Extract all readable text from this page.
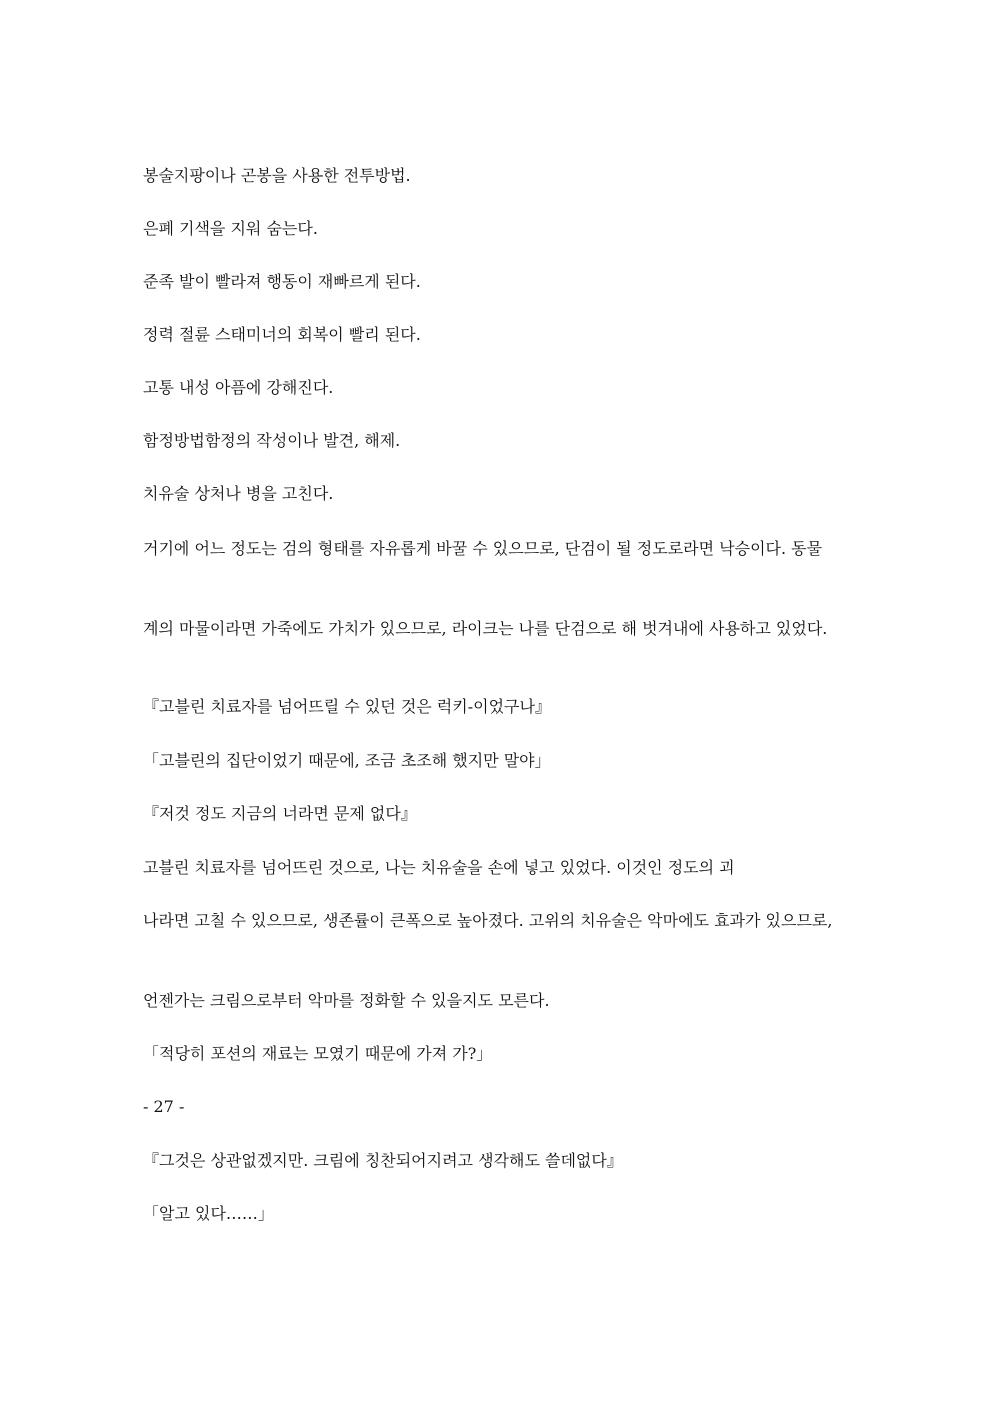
봉술지팡이나 곤봉을 사용한 전투방법.

은폐 기색을 지워 숨는다.

준족 발이 빨라져 행동이 재빠르게 된다.

정력 절륜 스태미너의 회복이 빨리 된다.

고통 내성 아픔에 강해진다.

함정방법함정의 작성이나 발견, 해제.

치유술 상처나 병을 고친다.

거기에 어느 정도는 검의 형태를 자유롭게 바꿀 수 있으므로, 단검이 될 정도로라면 낙승이다. 동물

계의 마물이라면 가죽에도 가치가 있으므로, 라이크는 나를 단검으로 해 벗겨내에 사용하고 있었다.

『고블린 치료자를 넘어뜨릴 수 있던 것은 럭키-이었구나』

「고블린의 집단이었기 때문에, 조금 초조해 했지만 말야」

『저것 정도 지금의 너라면 문제 없다』

고블린 치료자를 넘어뜨린 것으로, 나는 치유술을 손에 넣고 있었다. 이것인 정도의 괴

나라면 고칠 수 있으므로, 생존률이 큰폭으로 높아졌다. 고위의 치유술은 악마에도 효과가 있으므로,

언젠가는 크림으로부터 악마를 정화할 수 있을지도 모른다.

「적당히 포션의 재료는 모였기 때문에 가져 가?」

- 27 -

『그것은 상관없겠지만. 크림에 칭찬되어지려고 생각해도 쓸데없다』

「알고 있다……」
